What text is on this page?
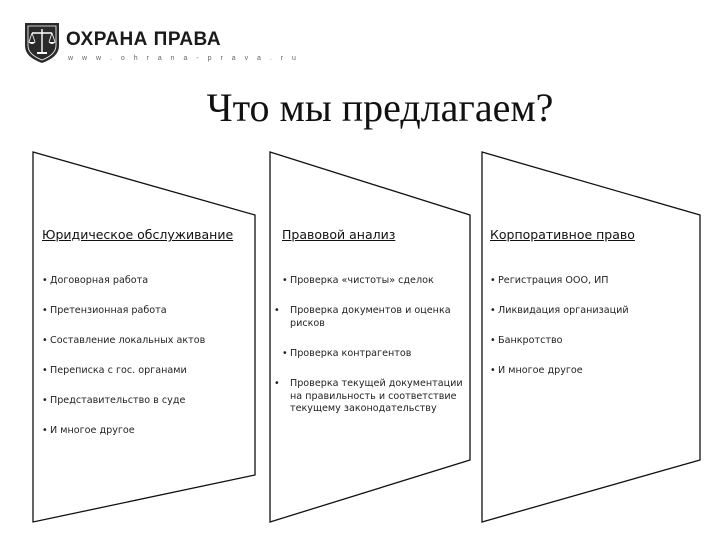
ОХРАНА ПРАВА
w w w . o h r a n a - p r a v a . r u
Что мы предлагаем?
Юридическое обслуживание
• Договорная работа
• Претензионная работа
• Составление локальных актов
• Переписка с гос. органами
• Представительство в суде
• И многое другое
Правовой анализ
• Проверка «чистоты» сделок
• Проверка документов и оценка рисков
• Проверка контрагентов
• Проверка текущей документации на правильность и соответствие текущему законодательству
Корпоративное право
• Регистрация ООО, ИП
• Ликвидация организаций
• Банкротство
• И многое другое
